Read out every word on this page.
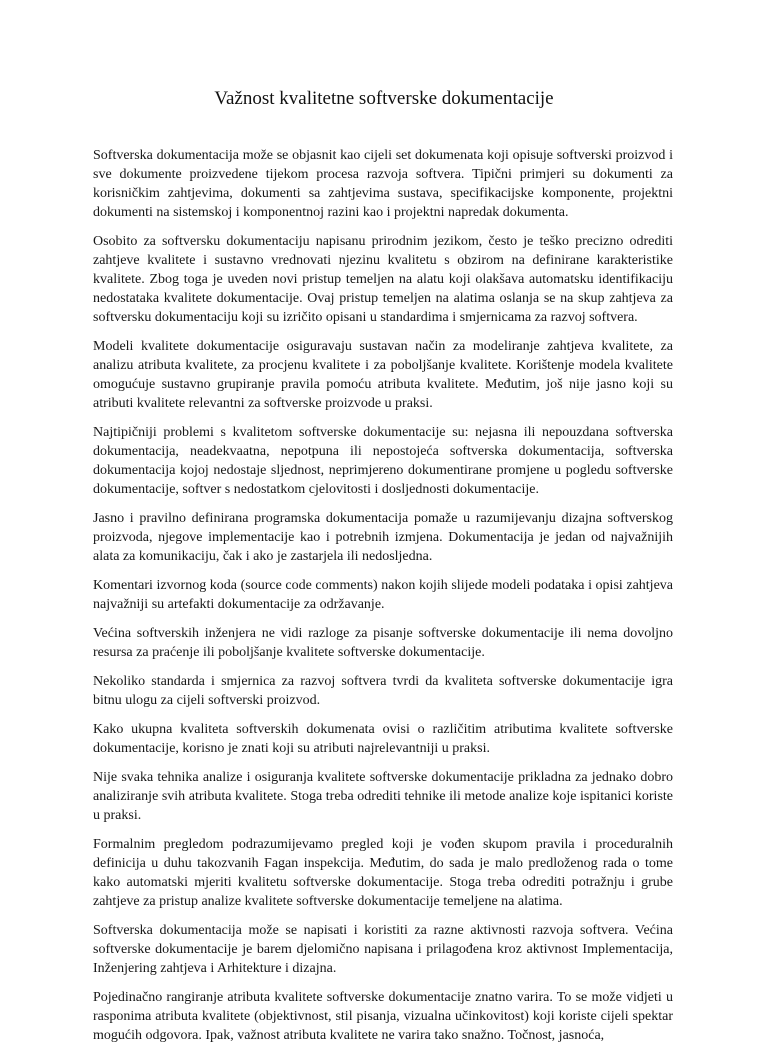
Važnost kvalitetne softverske dokumentacije

Softverska dokumentacija može se objasnit kao cijeli set dokumenata koji opisuje softverski proizvod i sve dokumente proizvedene tijekom procesa razvoja softvera. Tipični primjeri su dokumenti za korisničkim zahtjevima, dokumenti sa zahtjevima sustava, specifikacijske komponente, projektni dokumenti na sistemskoj i komponentnoj razini kao i projektni napredak dokumenta.

Osobito za softversku dokumentaciju napisanu prirodnim jezikom, često je teško precizno odrediti zahtjeve kvalitete i sustavno vrednovati njezinu kvalitetu s obzirom na definirane karakteristike kvalitete. Zbog toga je uveden novi pristup temeljen na alatu koji olakšava automatsku identifikaciju nedostataka kvalitete dokumentacije. Ovaj pristup temeljen na alatima oslanja se na skup zahtjeva za softversku dokumentaciju koji su izričito opisani u standardima i smjernicama za razvoj softvera.

Modeli kvalitete dokumentacije osiguravaju sustavan način za modeliranje zahtjeva kvalitete, za analizu atributa kvalitete, za procjenu kvalitete i za poboljšanje kvalitete. Korištenje modela kvalitete omogućuje sustavno grupiranje pravila pomoću atributa kvalitete. Međutim, još nije jasno koji su atributi kvalitete relevantni za softverske proizvode u praksi.

Najtipičniji problemi s kvalitetom softverske dokumentacije su: nejasna ili nepouzdana softverska dokumentacija, neadekvaatna, nepotpuna ili nepostojeća softverska dokumentacija, softverska dokumentacija kojoj nedostaje sljednost, neprimjereno dokumentirane promjene u pogledu softverske dokumentacije, softver s nedostatkom cjelovitosti i dosljednosti dokumentacije.

Jasno i pravilno definirana programska dokumentacija pomaže u razumijevanju dizajna softverskog proizvoda, njegove implementacije kao i potrebnih izmjena. Dokumentacija je jedan od najvažnijih alata za komunikaciju, čak i ako je zastarjela ili nedosljedna.

Komentari izvornog koda (source code comments) nakon kojih slijede modeli podataka i opisi zahtjeva najvažniji su artefakti dokumentacije za održavanje.

Većina softverskih inženjera ne vidi razloge za pisanje softverske dokumentacije ili nema dovoljno resursa za praćenje ili poboljšanje kvalitete softverske dokumentacije.

Nekoliko standarda i smjernica za razvoj softvera tvrdi da kvaliteta softverske dokumentacije igra bitnu ulogu za cijeli softverski proizvod.

Kako ukupna kvaliteta softverskih dokumenata ovisi o različitim atributima kvalitete softverske dokumentacije, korisno je znati koji su atributi najrelevantniji u praksi.

Nije svaka tehnika analize i osiguranja kvalitete softverske dokumentacije prikladna za jednako dobro analiziranje svih atributa kvalitete. Stoga treba odrediti tehnike ili metode analize koje ispitanici koriste u praksi.

Formalnim pregledom podrazumijevamo pregled koji je vođen skupom pravila i proceduralnih definicija u duhu takozvanih Fagan inspekcija. Međutim, do sada je malo predloženog rada o tome kako automatski mjeriti kvalitetu softverske dokumentacije. Stoga treba odrediti potražnju i grube zahtjeve za pristup analize kvalitete softverske dokumentacije temeljene na alatima.

Softverska dokumentacija može se napisati i koristiti za razne aktivnosti razvoja softvera. Većina softverske dokumentacije je barem djelomično napisana i prilagođena kroz aktivnost Implementacija, Inženjering zahtjeva i Arhitekture i dizajna.

Pojedinačno rangiranje atributa kvalitete softverske dokumentacije znatno varira. To se može vidjeti u rasponima atributa kvalitete (objektivnost, stil pisanja, vizualna učinkovitost) koji koriste cijeli spektar mogućih odgovora. Ipak, važnost atributa kvalitete ne varira tako snažno. Točnost, jasnoća,
